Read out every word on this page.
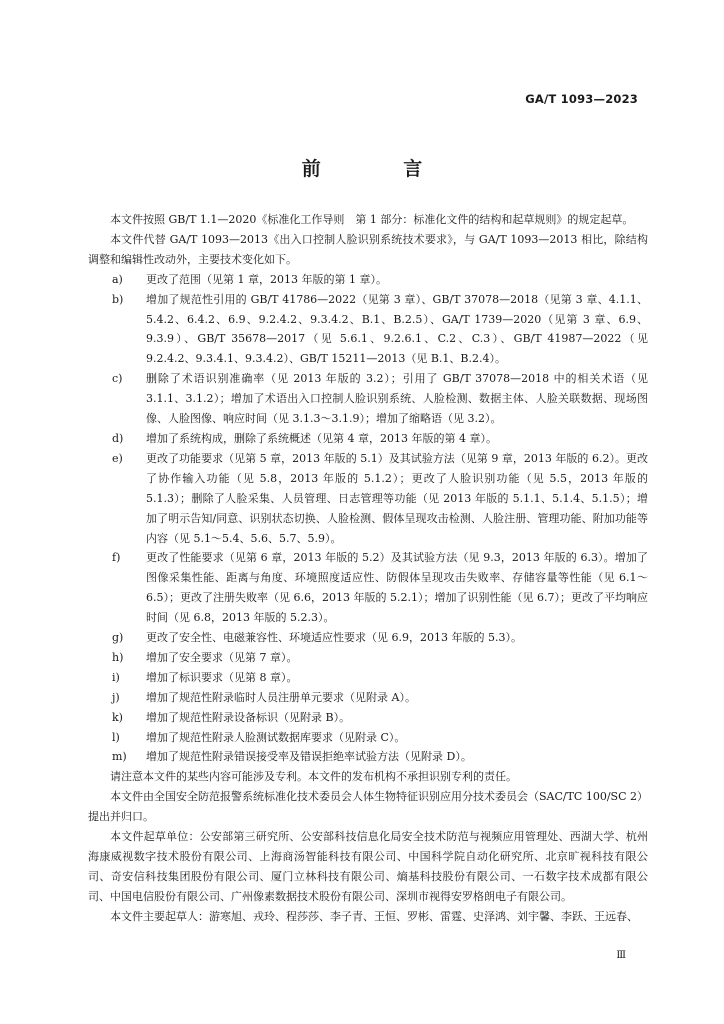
GA/T 1093—2023
前 言

本文件按照 GB/T 1.1—2020《标准化工作导则　第 1 部分：标准化文件的结构和起草规则》的规定起草。

本文件代替 GA/T 1093—2013《出入口控制人脸识别系统技术要求》，与 GA/T 1093—2013 相比，除结构调整和编辑性改动外，主要技术变化如下。

a)	更改了范围（见第 1 章，2013 年版的第 1 章）。
b)	增加了规范性引用的 GB/T 41786—2022（见第 3 章）、GB/T 37078—2018（见第 3 章、4.1.1、5.4.2、6.4.2、6.9、9.2.4.2、9.3.4.2、B.1、B.2.5）、GA/T 1739—2020（见第 3 章、6.9、9.3.9）、GB/T 35678—2017（见 5.6.1、9.2.6.1、C.2、C.3）、GB/T 41987—2022（见 9.2.4.2、9.3.4.1、9.3.4.2）、GB/T 15211—2013（见 B.1、B.2.4）。
c)	删除了术语识别准确率（见 2013 年版的 3.2）；引用了 GB/T 37078—2018 中的相关术语（见 3.1.1、3.1.2）；增加了术语出入口控制人脸识别系统、人脸检测、数据主体、人脸关联数据、现场图像、人脸图像、响应时间（见 3.1.3～3.1.9）；增加了缩略语（见 3.2）。
d)	增加了系统构成，删除了系统概述（见第 4 章，2013 年版的第 4 章）。
e)	更改了功能要求（见第 5 章，2013 年版的 5.1）及其试验方法（见第 9 章，2013 年版的 6.2）。更改了协作输入功能（见 5.8，2013 年版的 5.1.2）；更改了人脸识别功能（见 5.5，2013 年版的 5.1.3）；删除了人脸采集、人员管理、日志管理等功能（见 2013 年版的 5.1.1、5.1.4、5.1.5）；增加了明示告知/同意、识别状态切换、人脸检测、假体呈现攻击检测、人脸注册、管理功能、附加功能等内容（见 5.1～5.4、5.6、5.7、5.9）。
f)	更改了性能要求（见第 6 章，2013 年版的 5.2）及其试验方法（见 9.3，2013 年版的 6.3）。增加了图像采集性能、距离与角度、环境照度适应性、防假体呈现攻击失败率、存储容量等性能（见 6.1～6.5）；更改了注册失败率（见 6.6，2013 年版的 5.2.1）；增加了识别性能（见 6.7）；更改了平均响应时间（见 6.8，2013 年版的 5.2.3）。
g)	更改了安全性、电磁兼容性、环境适应性要求（见 6.9，2013 年版的 5.3）。
h)	增加了安全要求（见第 7 章）。
i)	增加了标识要求（见第 8 章）。
j)	增加了规范性附录临时人员注册单元要求（见附录 A）。
k)	增加了规范性附录设备标识（见附录 B）。
l)	增加了规范性附录人脸测试数据库要求（见附录 C）。
m)	增加了规范性附录错误接受率及错误拒绝率试验方法（见附录 D）。

请注意本文件的某些内容可能涉及专利。本文件的发布机构不承担识别专利的责任。

本文件由全国安全防范报警系统标准化技术委员会人体生物特征识别应用分技术委员会（SAC/TC 100/SC 2）提出并归口。

本文件起草单位：公安部第三研究所、公安部科技信息化局安全技术防范与视频应用管理处、西湖大学、杭州海康威视数字技术股份有限公司、上海商汤智能科技有限公司、中国科学院自动化研究所、北京旷视科技有限公司、奇安信科技集团股份有限公司、厦门立林科技有限公司、熵基科技股份有限公司、一石数字技术成都有限公司、中国电信股份有限公司、广州像素数据技术股份有限公司、深圳市视得安罗格朗电子有限公司。

本文件主要起草人：游寒旭、戎玲、程莎莎、李子青、王恒、罗彬、雷霆、史泽鸿、刘宇馨、李跃、王远春、

Ⅲ
